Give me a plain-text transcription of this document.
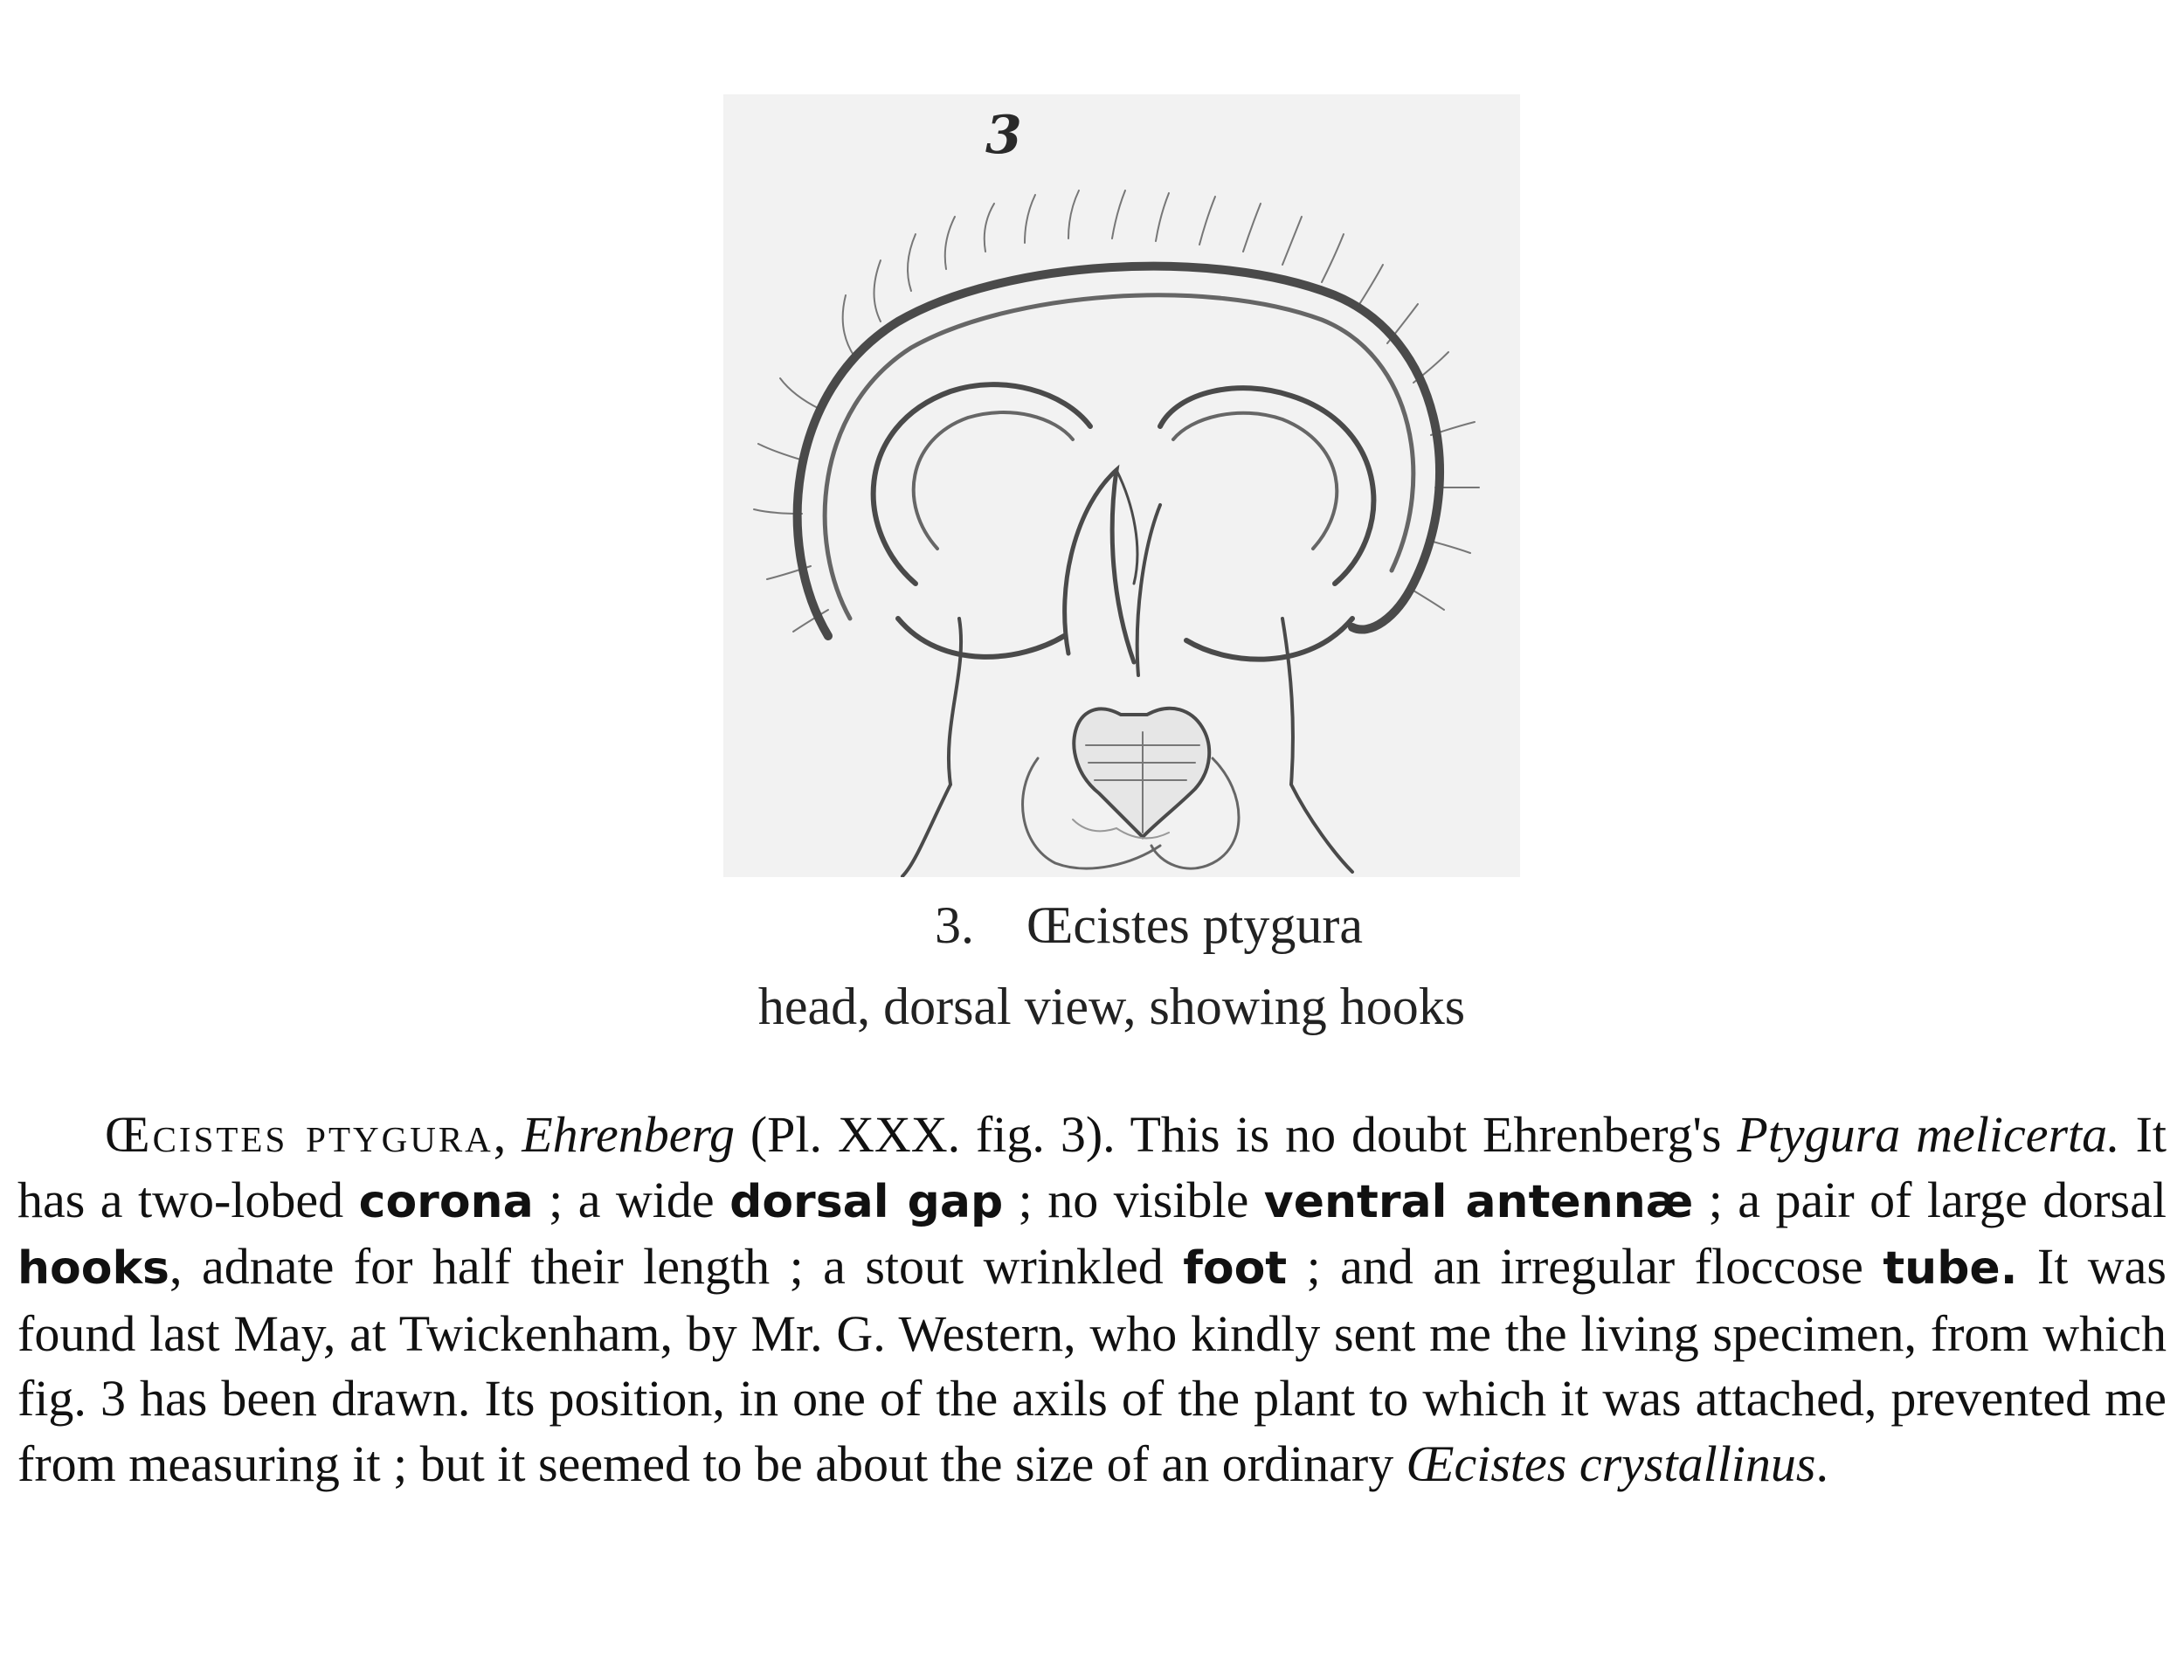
3
3. Œcistes ptygura
head, dorsal view, showing hooks

Œcistes ptygura, Ehrenberg (Pl. XXX. fig. 3). This is no doubt Ehrenberg's Ptygura melicerta. It has a two-lobed corona ; a wide dorsal gap ; no visible ventral antennæ ; a pair of large dorsal hooks, adnate for half their length ; a stout wrinkled foot ; and an irregular floccose tube. It was found last May, at Twickenham, by Mr. G. Western, who kindly sent me the living specimen, from which fig. 3 has been drawn. Its position, in one of the axils of the plant to which it was attached, prevented me from measuring it ; but it seemed to be about the size of an ordinary Œcistes crystallinus.
